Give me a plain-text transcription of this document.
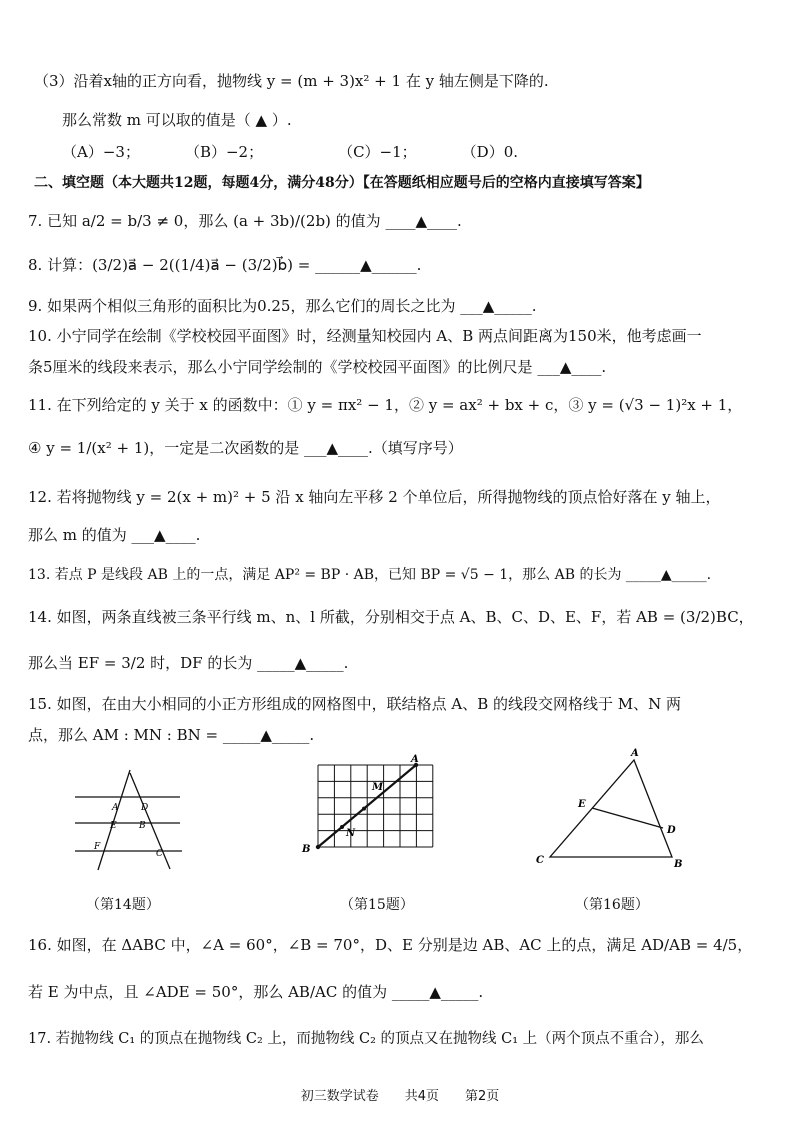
（3）沿着x轴的正方向看，抛物线 y = (m + 3)x² + 1 在 y 轴左侧是下降的.
那么常数 m 可以取的值是（ ▲ ）.
（A）−3；　　　　（B）−2；　　　　　　（C）−1；　　　　（D）0.
二、填空题（本大题共12题，每题4分，满分48分）【在答题纸相应题号后的空格内直接填写答案】
7. 已知 a/2 = b/3 ≠ 0，那么 (a + 3b)/(2b) 的值为 ____▲____.
8. 计算：(3/2)a⃗ − 2((1/4)a⃗ − (3/2)b⃗) = ______▲______.
9. 如果两个相似三角形的面积比为0.25，那么它们的周长之比为 ___▲_____.
10. 小宁同学在绘制《学校校园平面图》时，经测量知校园内 A、B 两点间距离为150米，他考虑画一
条5厘米的线段来表示，那么小宁同学绘制的《学校校园平面图》的比例尺是 ___▲____.
11. 在下列给定的 y 关于 x 的函数中：① y = πx² − 1，② y = ax² + bx + c，③ y = (√3 − 1)²x + 1，
④ y = 1/(x² + 1)，一定是二次函数的是 ___▲____.（填写序号）
12. 若将抛物线 y = 2(x + m)² + 5 沿 x 轴向左平移 2 个单位后，所得抛物线的顶点恰好落在 y 轴上，
那么 m 的值为 ___▲____.
13. 若点 P 是线段 AB 上的一点，满足 AP² = BP · AB，已知 BP = √5 − 1，那么 AB 的长为 _____▲_____.
14. 如图，两条直线被三条平行线 m、n、l 所截，分别相交于点 A、B、C、D、E、F，若 AB = (3/2)BC，
那么当 EF = 3/2 时，DF 的长为 _____▲_____.
15. 如图，在由大小相同的小正方形组成的网格图中，联结格点 A、B 的线段交网格线于 M、N 两
点，那么 AM : MN : BN = _____▲_____.
A	D
E B
F
C
（第14题）
A
M
N
B
（第15题）
A
E
D
C	B
（第16题）
16. 如图，在 ΔABC 中，∠A = 60°，∠B = 70°，D、E 分别是边 AB、AC 上的点，满足 AD/AB = 4/5，
若 E 为中点，且 ∠ADE = 50°，那么 AB/AC 的值为 _____▲_____.
17. 若抛物线 C₁ 的顶点在抛物线 C₂ 上，而抛物线 C₂ 的顶点又在抛物线 C₁ 上（两个顶点不重合），那么
初三数学试卷　　共4页　　第2页
